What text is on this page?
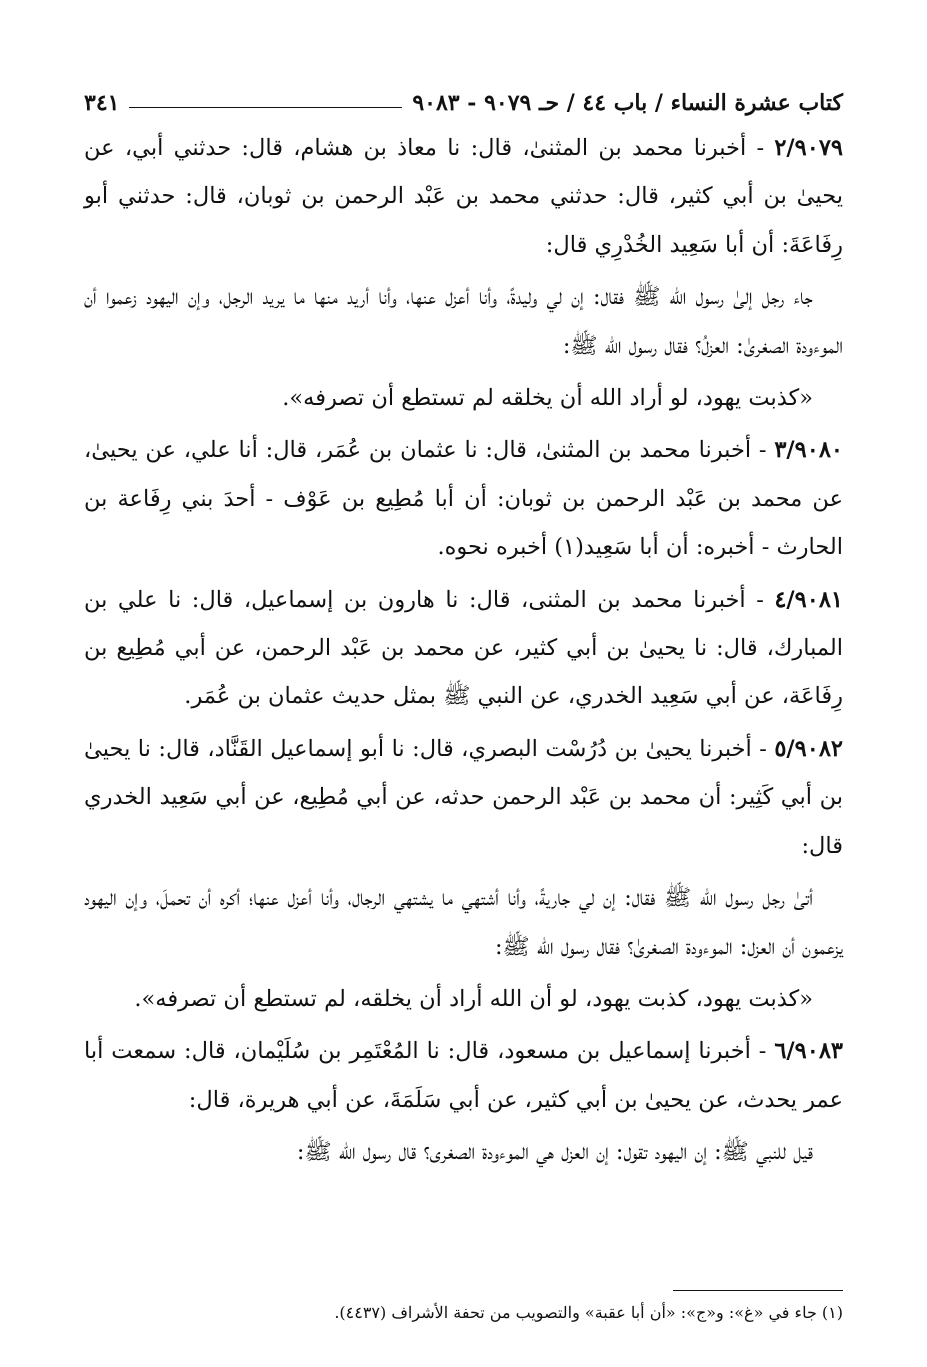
كتاب عشرة النساء / باب ٤٤ / حـ ٩٠٧٩ - ٩٠٨٣
٣٤١

٢/٩٠٧٩ - أخبرنا محمد بن المثنىٰ، قال: نا معاذ بن هشام، قال: حدثني أبي، عن يحيىٰ بن أبي كثير، قال: حدثني محمد بن عَبْد الرحمن بن ثوبان، قال: حدثني أبو رِفَاعَةَ: أن أبا سَعِيد الخُدْرِي قال:

جاء رجل إلىٰ رسول الله ﷺ فقال: إن لي وليدةً، وأنا أعزل عنها، وأنا أريد منها ما يريد الرجل، وإن اليهود زعموا أن الموءودة الصغرىٰ: العزلُ؟ فقال رسول الله ﷺ:

«كذبت يهود، لو أراد الله أن يخلقه لم تستطع أن تصرفه».

٣/٩٠٨٠ - أخبرنا محمد بن المثنىٰ، قال: نا عثمان بن عُمَر، قال: أنا علي، عن يحيىٰ، عن محمد بن عَبْد الرحمن بن ثوبان: أن أبا مُطِيع بن عَوْف - أحدَ بني رِفَاعة بن الحارث - أخبره: أن أبا سَعِيد(١) أخبره نحوه.

٤/٩٠٨١ - أخبرنا محمد بن المثنى، قال: نا هارون بن إسماعيل، قال: نا علي بن المبارك، قال: نا يحيىٰ بن أبي كثير، عن محمد بن عَبْد الرحمن، عن أبي مُطِيع بن رِفَاعَة، عن أبي سَعِيد الخدري، عن النبي ﷺ بمثل حديث عثمان بن عُمَر.

٥/٩٠٨٢ - أخبرنا يحيىٰ بن دُرُسْت البصري، قال: نا أبو إسماعيل القَنَّاد، قال: نا يحيىٰ بن أبي كَثِير: أن محمد بن عَبْد الرحمن حدثه، عن أبي مُطِيع، عن أبي سَعِيد الخدري قال:

أتىٰ رجل رسول الله ﷺ فقال: إن لي جاريةً، وأنا أشتهي ما يشتهي الرجال، وأنا أعزل عنها؛ أكره أن تحملَ، وإن اليهود يزعمون أن العزل: الموءودة الصغرىٰ؟ فقال رسول الله ﷺ:

«كذبت يهود، كذبت يهود، لو أن الله أراد أن يخلقه، لم تستطع أن تصرفه».

٦/٩٠٨٣ - أخبرنا إسماعيل بن مسعود، قال: نا المُعْتَمِر بن سُلَيْمان، قال: سمعت أبا عمر يحدث، عن يحيىٰ بن أبي كثير، عن أبي سَلَمَةَ، عن أبي هريرة، قال:

قيل للنبي ﷺ: إن اليهود تقول: إن العزل هي الموءودة الصغرى؟ قال رسول الله ﷺ:

(١) جاء في «غ»: و«ج»: «أن أبا عقبة» والتصويب من تحفة الأشراف (٤٤٣٧).
